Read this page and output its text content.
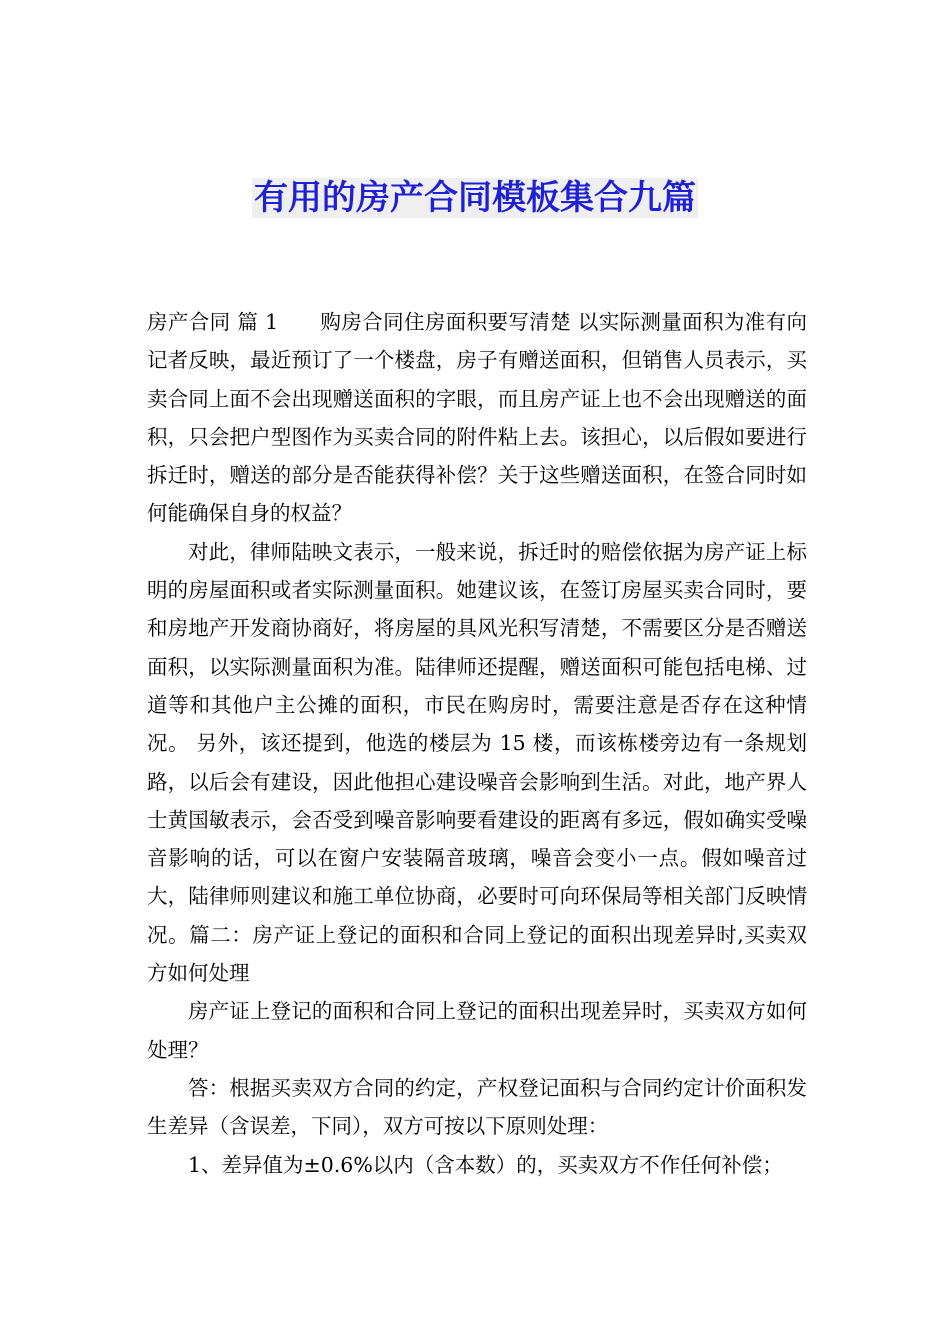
有用的房产合同模板集合九篇

房产合同 篇 1 购房合同住房面积要写清楚 以实际测量面积为准有向记者反映，最近预订了一个楼盘，房子有赠送面积，但销售人员表示，买卖合同上面不会出现赠送面积的字眼，而且房产证上也不会出现赠送的面积，只会把户型图作为买卖合同的附件粘上去。该担心，以后假如要进行拆迁时，赠送的部分是否能获得补偿？关于这些赠送面积，在签合同时如何能确保自身的权益？

对此，律师陆映文表示，一般来说，拆迁时的赔偿依据为房产证上标明的房屋面积或者实际测量面积。她建议该，在签订房屋买卖合同时，要和房地产开发商协商好，将房屋的具风光积写清楚，不需要区分是否赠送面积，以实际测量面积为准。陆律师还提醒，赠送面积可能包括电梯、过道等和其他户主公摊的面积，市民在购房时，需要注意是否存在这种情况。 另外，该还提到，他选的楼层为 15 楼，而该栋楼旁边有一条规划路，以后会有建设，因此他担心建设噪音会影响到生活。对此，地产界人士黄国敏表示，会否受到噪音影响要看建设的距离有多远，假如确实受噪音影响的话，可以在窗户安装隔音玻璃，噪音会变小一点。假如噪音过大，陆律师则建议和施工单位协商，必要时可向环保局等相关部门反映情况。篇二：房产证上登记的面积和合同上登记的面积出现差异时,买卖双方如何处理

房产证上登记的面积和合同上登记的面积出现差异时，买卖双方如何处理？

答：根据买卖双方合同的约定，产权登记面积与合同约定计价面积发生差异（含误差，下同），双方可按以下原则处理：

1、差异值为±0.6%以内（含本数）的，买卖双方不作任何补偿；
